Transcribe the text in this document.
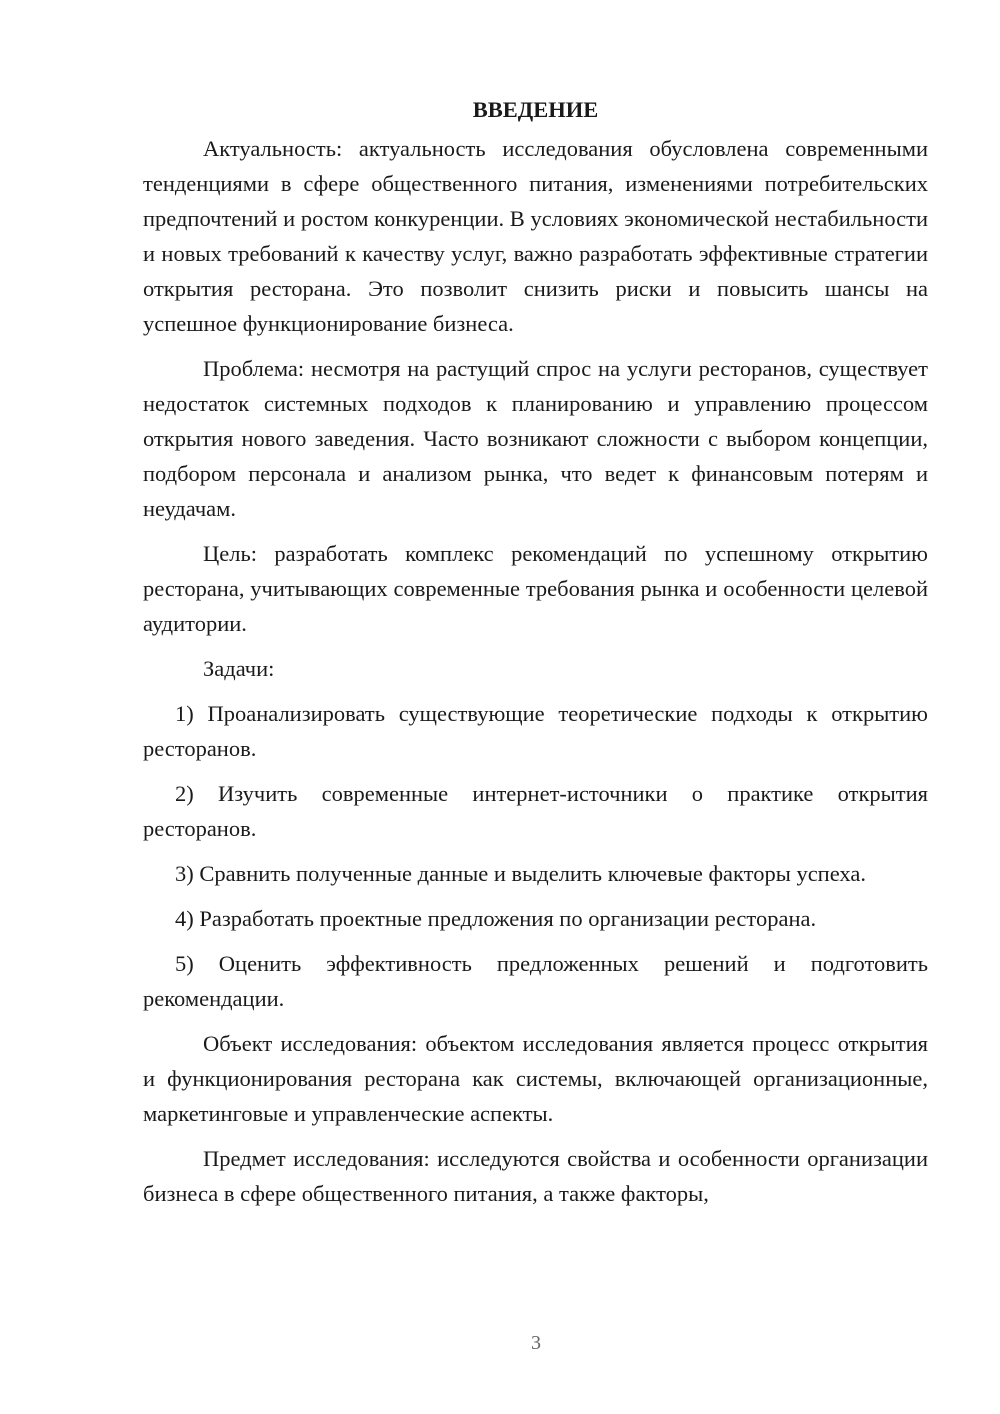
ВВЕДЕНИЕ

Актуальность: актуальность исследования обусловлена современными тенденциями в сфере общественного питания, изменениями потребительских предпочтений и ростом конкуренции. В условиях экономической нестабильности и новых требований к качеству услуг, важно разработать эффективные стратегии открытия ресторана. Это позволит снизить риски и повысить шансы на успешное функционирование бизнеса.

Проблема: несмотря на растущий спрос на услуги ресторанов, существует недостаток системных подходов к планированию и управлению процессом открытия нового заведения. Часто возникают сложности с выбором концепции, подбором персонала и анализом рынка, что ведет к финансовым потерям и неудачам.

Цель: разработать комплекс рекомендаций по успешному открытию ресторана, учитывающих современные требования рынка и особенности целевой аудитории.

Задачи:

1) Проанализировать существующие теоретические подходы к открытию ресторанов.

2) Изучить современные интернет-источники о практике открытия ресторанов.

3) Сравнить полученные данные и выделить ключевые факторы успеха.

4) Разработать проектные предложения по организации ресторана.

5) Оценить эффективность предложенных решений и подготовить рекомендации.

Объект исследования: объектом исследования является процесс открытия и функционирования ресторана как системы, включающей организационные, маркетинговые и управленческие аспекты.

Предмет исследования: исследуются свойства и особенности организации бизнеса в сфере общественного питания, а также факторы,

3
